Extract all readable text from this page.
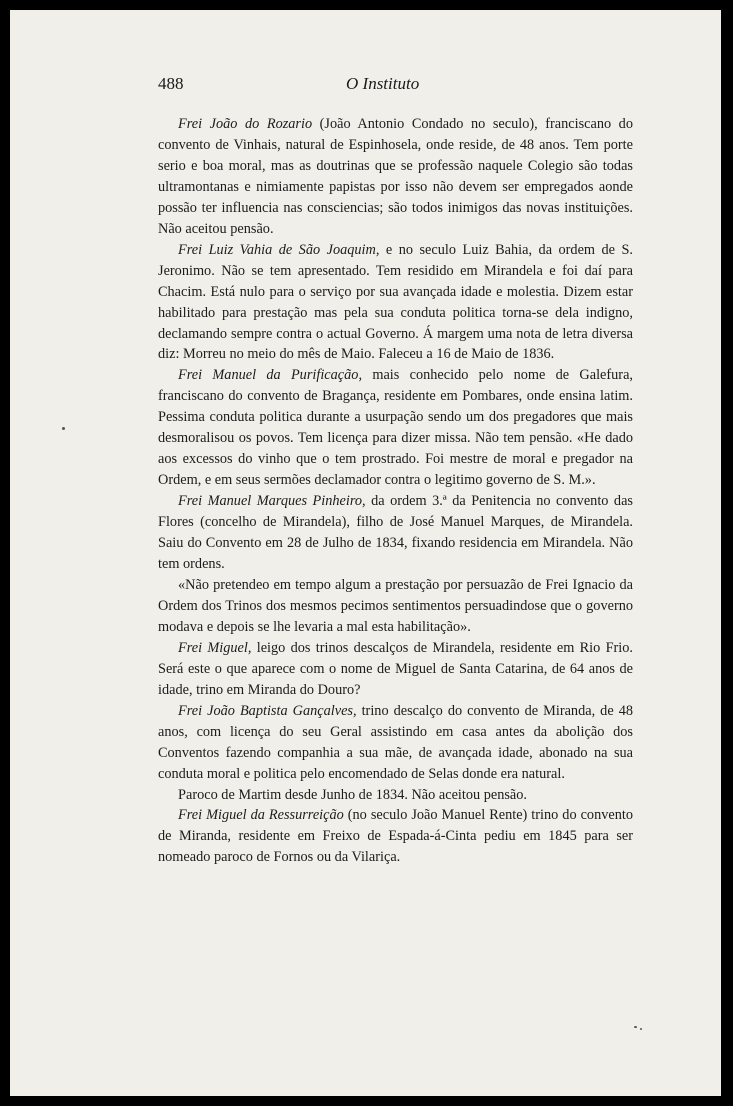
488	O Instituto

Frei João do Rozario (João Antonio Condado no seculo), franciscano do convento de Vinhais, natural de Espinhosela, onde reside, de 48 anos. Tem porte serio e boa moral, mas as doutrinas que se professão naquele Colegio são todas ultramontanas e nimiamente papistas por isso não devem ser empregados aonde possão ter influencia nas consciencias; são todos inimigos das novas instituições. Não aceitou pensão.

Frei Luiz Vahia de São Joaquim, e no seculo Luiz Bahia, da ordem de S. Jeronimo. Não se tem apresentado. Tem residido em Mirandela e foi daí para Chacim. Está nulo para o serviço por sua avançada idade e molestia. Dizem estar habilitado para prestação mas pela sua conduta politica torna-se dela indigno, declamando sempre contra o actual Governo. Á margem uma nota de letra diversa diz: Morreu no meio do mês de Maio. Faleceu a 16 de Maio de 1836.

Frei Manuel da Purificação, mais conhecido pelo nome de Galefura, franciscano do convento de Bragança, residente em Pombares, onde ensina latim. Pessima conduta politica durante a usurpação sendo um dos pregadores que mais desmoralisou os povos. Tem licença para dizer missa. Não tem pensão. «He dado aos excessos do vinho que o tem prostrado. Foi mestre de moral e pregador na Ordem, e em seus sermões declamador contra o legitimo governo de S. M.».

Frei Manuel Marques Pinheiro, da ordem 3.ª da Penitencia no convento das Flores (concelho de Mirandela), filho de José Manuel Marques, de Mirandela. Saiu do Convento em 28 de Julho de 1834, fixando residencia em Mirandela. Não tem ordens.

«Não pretendeo em tempo algum a prestação por persuazão de Frei Ignacio da Ordem dos Trinos dos mesmos pecimos sentimentos persuadindose que o governo modava e depois se lhe levaria a mal esta habilitação».

Frei Miguel, leigo dos trinos descalços de Mirandela, residente em Rio Frio. Será este o que aparece com o nome de Miguel de Santa Catarina, de 64 anos de idade, trino em Miranda do Douro?

Frei João Baptista Gançalves, trino descalço do convento de Miranda, de 48 anos, com licença do seu Geral assistindo em casa antes da abolição dos Conventos fazendo companhia a sua mãe, de avançada idade, abonado na sua conduta moral e politica pelo encomendado de Selas donde era natural.

Paroco de Martim desde Junho de 1834. Não aceitou pensão.

Frei Miguel da Ressurreição (no seculo João Manuel Rente) trino do convento de Miranda, residente em Freixo de Espada-á-Cinta pediu em 1845 para ser nomeado paroco de Fornos ou da Vilariça.
